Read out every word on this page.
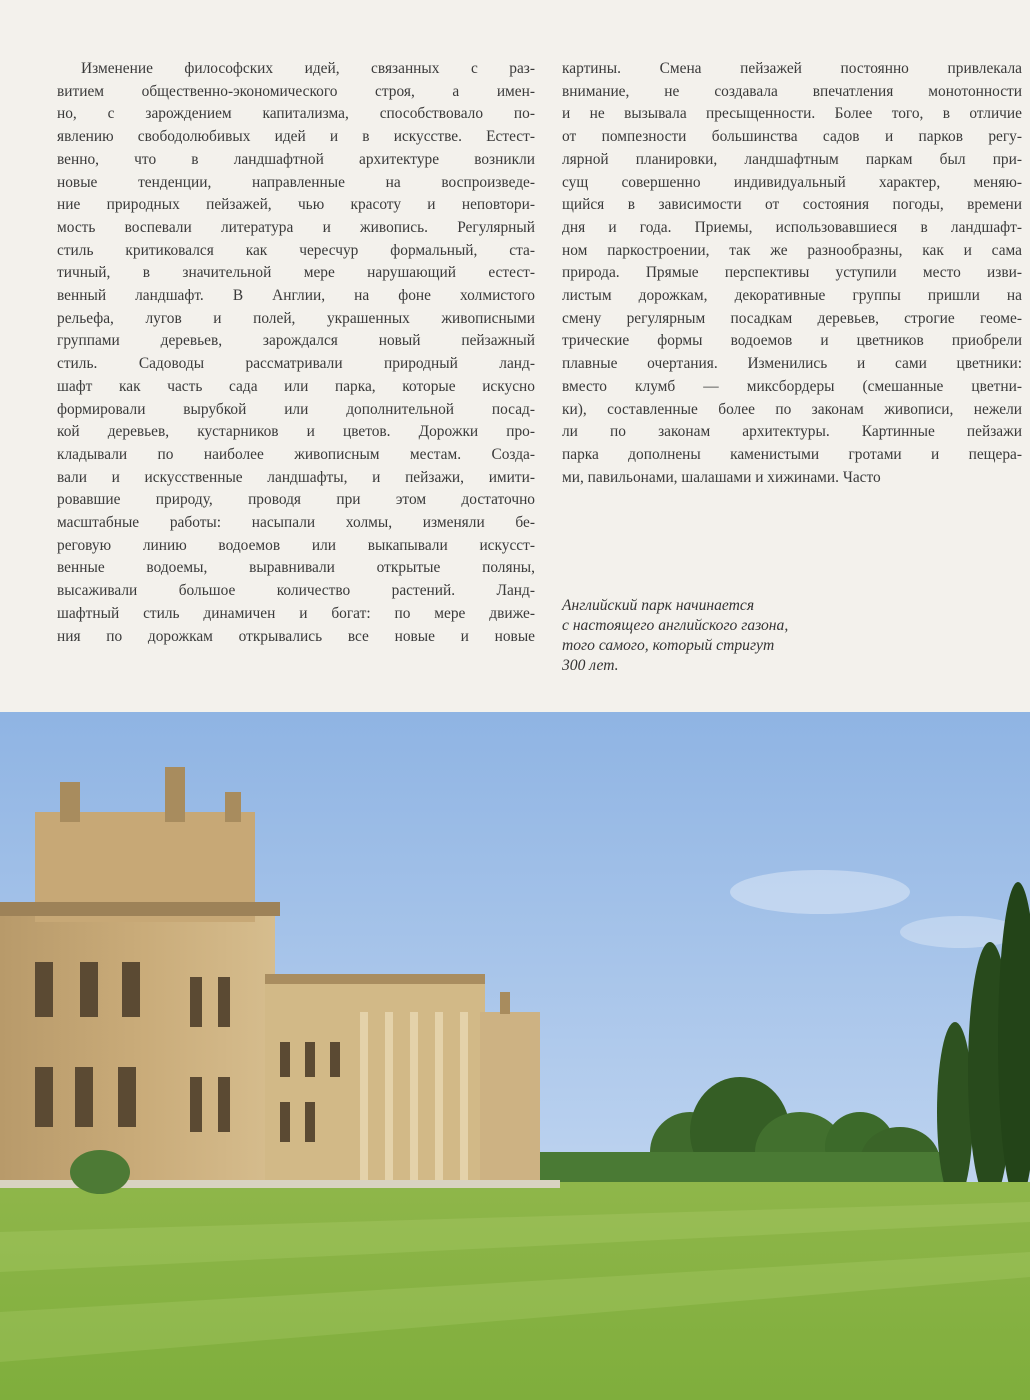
Изменение философских идей, связанных с раз-
витием общественно-экономического строя, а имен-
но, с зарождением капитализма, способствовало по-
явлению свободолюбивых идей и в искусстве. Естест-
венно, что в ландшафтной архитектуре возникли
новые тенденции, направленные на воспроизведе-
ние природных пейзажей, чью красоту и неповтори-
мость воспевали литература и живопись. Регулярный
стиль критиковался как чересчур формальный, ста-
тичный, в значительной мере нарушающий естест-
венный ландшафт. В Англии, на фоне холмистого
рельефа, лугов и полей, украшенных живописными
группами деревьев, зарождался новый пейзажный
стиль. Садоводы рассматривали природный ланд-
шафт как часть сада или парка, которые искусно
формировали вырубкой или дополнительной посад-
кой деревьев, кустарников и цветов. Дорожки про-
кладывали по наиболее живописным местам. Созда-
вали и искусственные ландшафты, и пейзажи, имити-
ровавшие природу, проводя при этом достаточно
масштабные работы: насыпали холмы, изменяли бе-
реговую линию водоемов или выкапывали искусст-
венные водоемы, выравнивали открытые поляны,
высаживали большое количество растений. Ланд-
шафтный стиль динамичен и богат: по мере движе-
ния по дорожкам открывались все новые и новые
картины. Смена пейзажей постоянно привлекала
внимание, не создавала впечатления монотонности
и не вызывала пресыщенности. Более того, в отличие
от помпезности большинства садов и парков регу-
лярной планировки, ландшафтным паркам был при-
сущ совершенно индивидуальный характер, меняю-
щийся в зависимости от состояния погоды, времени
дня и года. Приемы, использовавшиеся в ландшафт-
ном паркостроении, так же разнообразны, как и сама
природа. Прямые перспективы уступили место изви-
листым дорожкам, декоративные группы пришли на
смену регулярным посадкам деревьев, строгие геоме-
трические формы водоемов и цветников приобрели
плавные очертания. Изменились и сами цветники:
вместо клумб — миксбордеры (смешанные цветни-
ки), составленные более по законам живописи, нежели
ли по законам архитектуры. Картинные пейзажи
парка дополнены каменистыми гротами и пещера-
ми, павильонами, шалашами и хижинами. Часто
Английский парк начинается
с настоящего английского газона,
того самого, который стригут
300 лет.
